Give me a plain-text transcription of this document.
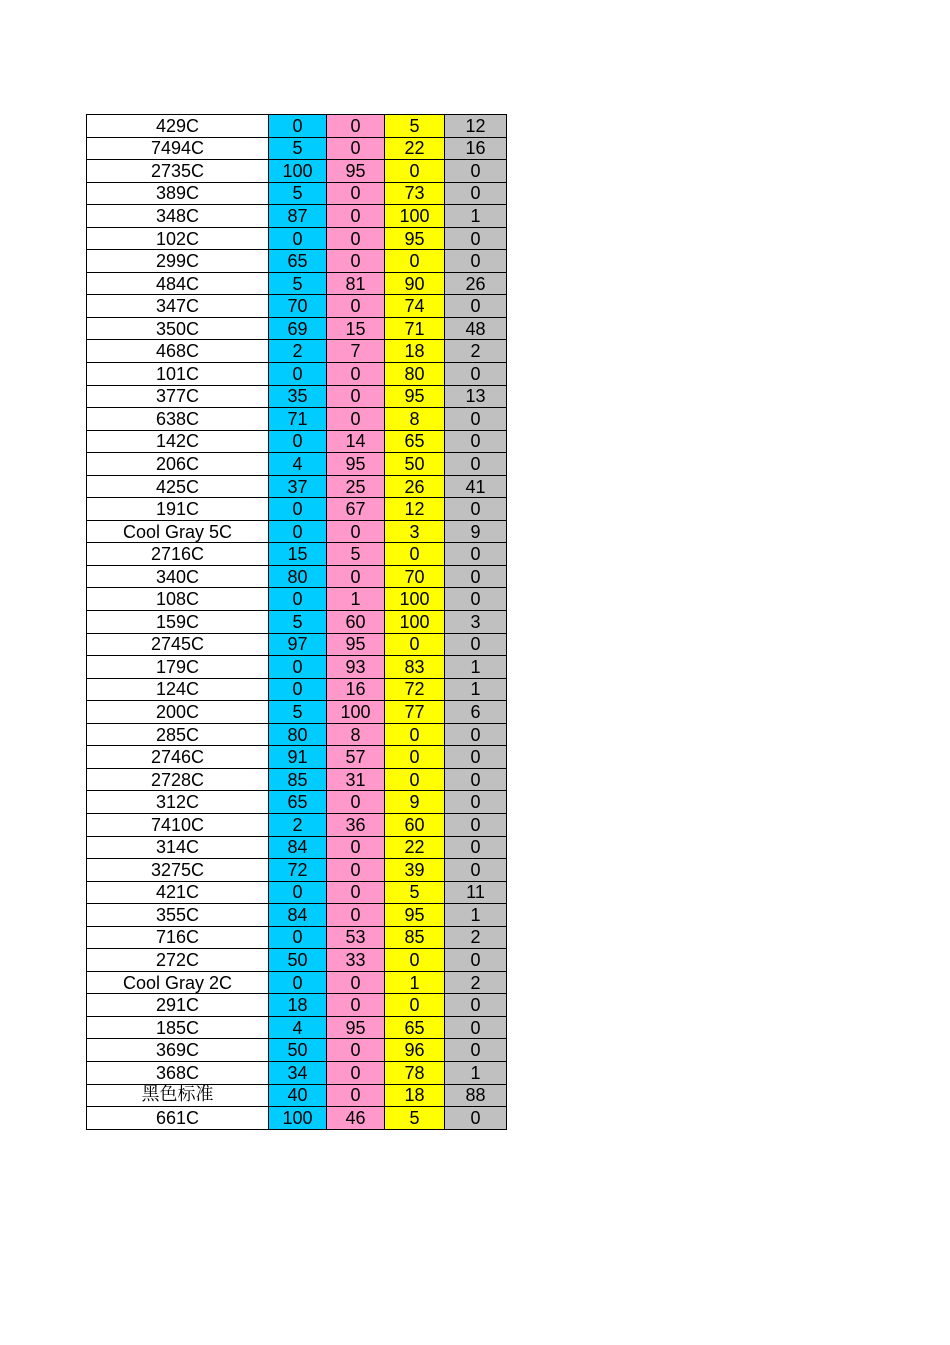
429C	0	0	5	12
7494C	5	0	22	16
2735C	100	95	0	0
389C	5	0	73	0
348C	87	0	100	1
102C	0	0	95	0
299C	65	0	0	0
484C	5	81	90	26
347C	70	0	74	0
350C	69	15	71	48
468C	2	7	18	2
101C	0	0	80	0
377C	35	0	95	13
638C	71	0	8	0
142C	0	14	65	0
206C	4	95	50	0
425C	37	25	26	41
191C	0	67	12	0
Cool Gray 5C	0	0	3	9
2716C	15	5	0	0
340C	80	0	70	0
108C	0	1	100	0
159C	5	60	100	3
2745C	97	95	0	0
179C	0	93	83	1
124C	0	16	72	1
200C	5	100	77	6
285C	80	8	0	0
2746C	91	57	0	0
2728C	85	31	0	0
312C	65	0	9	0
7410C	2	36	60	0
314C	84	0	22	0
3275C	72	0	39	0
421C	0	0	5	11
355C	84	0	95	1
716C	0	53	85	2
272C	50	33	0	0
Cool Gray 2C	0	0	1	2
291C	18	0	0	0
185C	4	95	65	0
369C	50	0	96	0
368C	34	0	78	1
黑色标准	40	0	18	88
661C	100	46	5	0
